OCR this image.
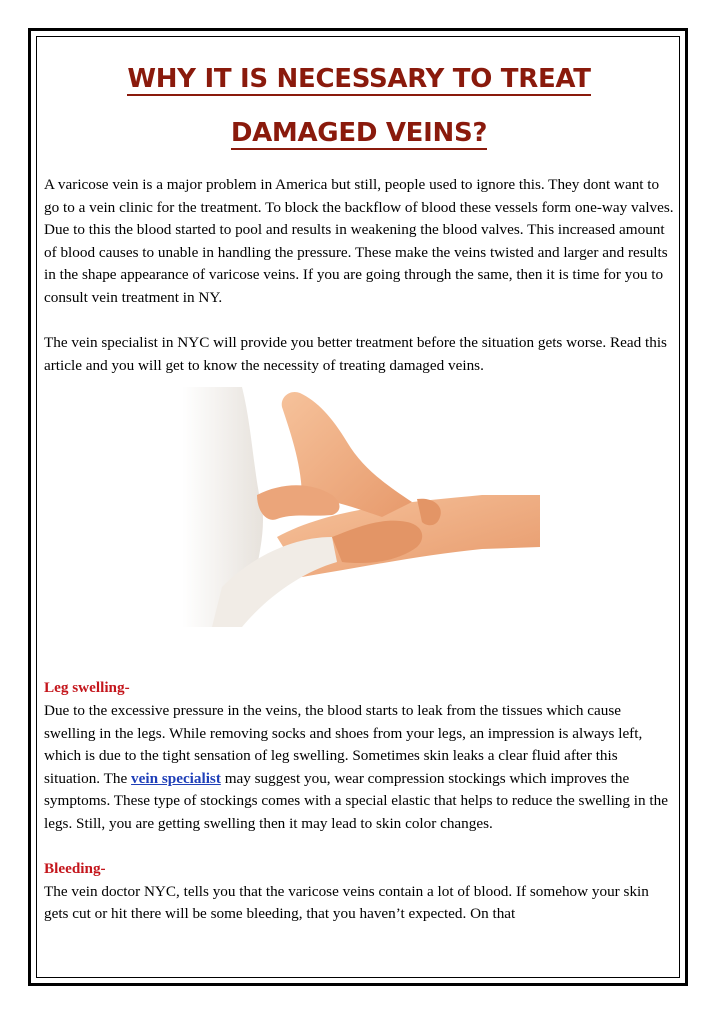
WHY IT IS NECESSARY TO TREAT
DAMAGED VEINS?

A varicose vein is a major problem in America but still, people used to ignore this. They dont want to go to a vein clinic for the treatment. To block the backflow of blood these vessels form one-way valves. Due to this the blood started to pool and results in weakening the blood valves. This increased amount of blood causes to unable in handling the pressure. These make the veins twisted and larger and results in the shape appearance of varicose veins. If you are going through the same, then it is time for you to consult vein treatment in NY.

The vein specialist in NYC will provide you better treatment before the situation gets worse. Read this article and you will get to know the necessity of treating damaged veins.

Leg swelling-

Due to the excessive pressure in the veins, the blood starts to leak from the tissues which cause swelling in the legs. While removing socks and shoes from your legs, an impression is always left, which is due to the tight sensation of leg swelling. Sometimes skin leaks a clear fluid after this situation. The vein specialist may suggest you, wear compression stockings which improves the symptoms. These type of stockings comes with a special elastic that helps to reduce the swelling in the legs. Still, you are getting swelling then it may lead to skin color changes.

Bleeding-

The vein doctor NYC, tells you that the varicose veins contain a lot of blood. If somehow your skin gets cut or hit there will be some bleeding, that you haven’t expected. On that
